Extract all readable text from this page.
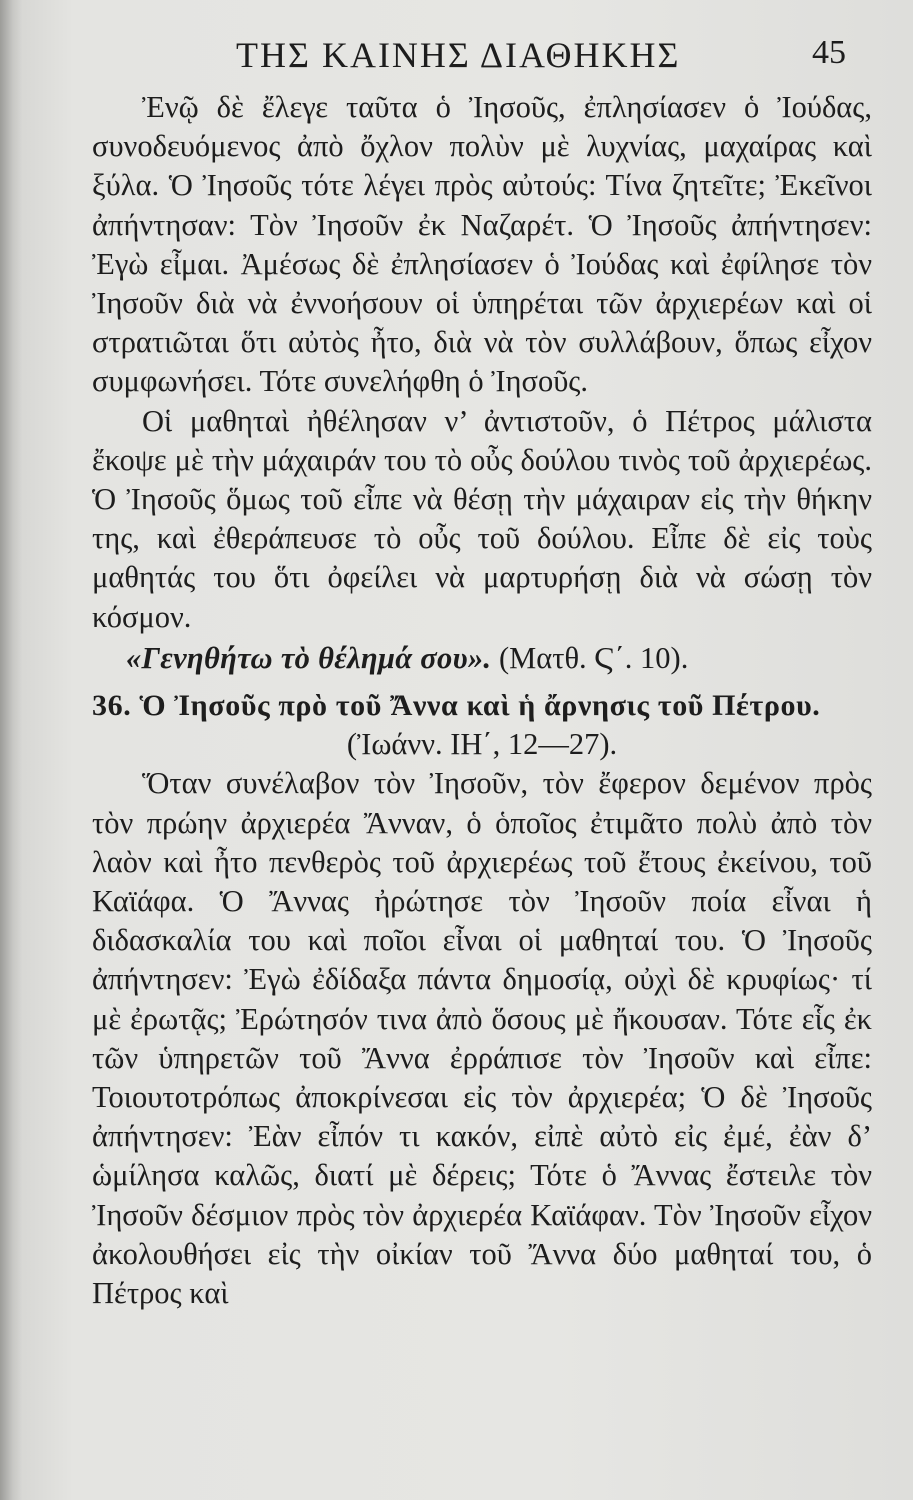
ΤΗΣ ΚΑΙΝΗΣ ΔΙΑΘΗΚΗΣ	45

Ἐνῷ δὲ ἔλεγε ταῦτα ὁ Ἰησοῦς, ἐπλησίασεν ὁ Ἰούδας, συνοδευόμενος ἀπὸ ὄχλον πολὺν μὲ λυχνίας, μαχαίρας καὶ ξύλα. Ὁ Ἰησοῦς τότε λέγει πρὸς αὐτούς: Τίνα ζητεῖτε; Ἐκεῖνοι ἀπήντησαν: Τὸν Ἰησοῦν ἐκ Ναζαρέτ. Ὁ Ἰησοῦς ἀπήντησεν: Ἐγὼ εἶμαι. Ἀμέσως δὲ ἐπλησίασεν ὁ Ἰούδας καὶ ἐφίλησε τὸν Ἰησοῦν διὰ νὰ ἐννοήσουν οἱ ὑπηρέται τῶν ἀρχιερέων καὶ οἱ στρατιῶται ὅτι αὐτὸς ἦτο, διὰ νὰ τὸν συλλάβουν, ὅπως εἶχον συμφωνήσει. Τότε συνελήφθη ὁ Ἰησοῦς.

Οἱ μαθηταὶ ἠθέλησαν ν’ ἀντιστοῦν, ὁ Πέτρος μάλιστα ἔκοψε μὲ τὴν μάχαιράν του τὸ οὖς δούλου τινὸς τοῦ ἀρχιερέως. Ὁ Ἰησοῦς ὅμως τοῦ εἶπε νὰ θέσῃ τὴν μάχαιραν εἰς τὴν θήκην της, καὶ ἐθεράπευσε τὸ οὖς τοῦ δούλου. Εἶπε δὲ εἰς τοὺς μαθητάς του ὅτι ὀφείλει νὰ μαρτυρήσῃ διὰ νὰ σώσῃ τὸν κόσμον.

«Γενηθήτω τὸ θέλημά σου». (Ματθ. Ϛ΄. 10).

36. Ὁ Ἰησοῦς πρὸ τοῦ Ἄννα καὶ ἡ ἄρνησις τοῦ Πέτρου.

(Ἰωάνν. ΙΗ΄, 12—27).

Ὅταν συνέλαβον τὸν Ἰησοῦν, τὸν ἔφερον δεμένον πρὸς τὸν πρώην ἀρχιερέα Ἄνναν, ὁ ὁποῖος ἐτιμᾶτο πολὺ ἀπὸ τὸν λαὸν καὶ ἦτο πενθερὸς τοῦ ἀρχιερέως τοῦ ἔτους ἐκείνου, τοῦ Καϊάφα. Ὁ Ἄννας ἠρώτησε τὸν Ἰησοῦν ποία εἶναι ἡ διδασκαλία του καὶ ποῖοι εἶναι οἱ μαθηταί του. Ὁ Ἰησοῦς ἀπήντησεν: Ἐγὼ ἐδίδαξα πάντα δημοσίᾳ, οὐχὶ δὲ κρυφίως· τί μὲ ἐρωτᾷς; Ἐρώτησόν τινα ἀπὸ ὅσους μὲ ἤκουσαν. Τότε εἷς ἐκ τῶν ὑπηρετῶν τοῦ Ἄννα ἐρράπισε τὸν Ἰησοῦν καὶ εἶπε: Τοιουτοτρόπως ἀποκρίνεσαι εἰς τὸν ἀρχιερέα; Ὁ δὲ Ἰησοῦς ἀπήντησεν: Ἐὰν εἶπόν τι κακόν, εἰπὲ αὐτὸ εἰς ἐμέ, ἐὰν δ’ ὡμίλησα καλῶς, διατί μὲ δέρεις; Τότε ὁ Ἄννας ἔστειλε τὸν Ἰησοῦν δέσμιον πρὸς τὸν ἀρχιερέα Καϊάφαν. Τὸν Ἰησοῦν εἶχον ἀκολουθήσει εἰς τὴν οἰκίαν τοῦ Ἄννα δύο μαθηταί του, ὁ Πέτρος καὶ
